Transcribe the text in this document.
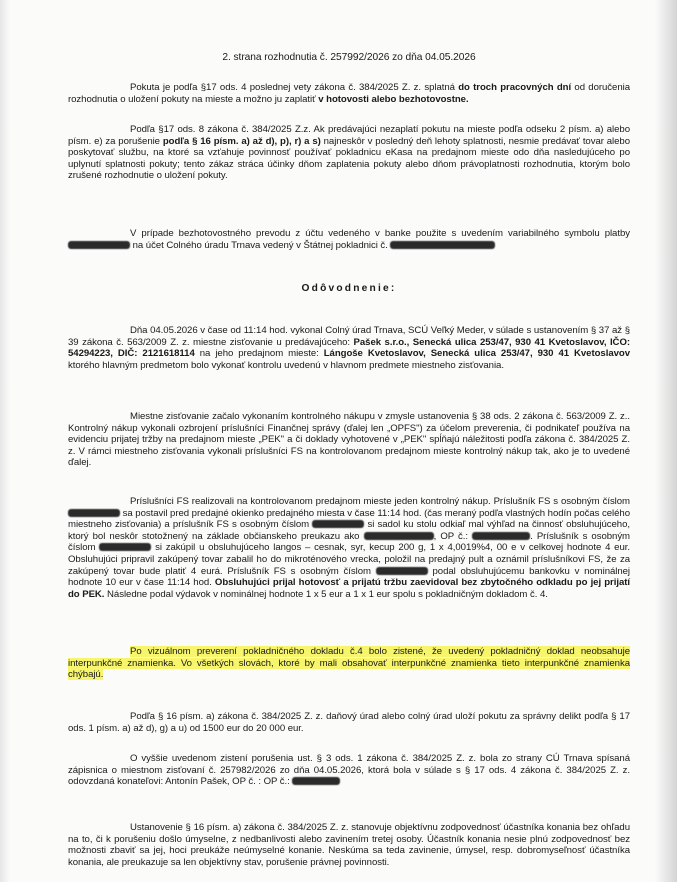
2. strana rozhodnutia č. 257992/2026 zo dňa 04.05.2026

Pokuta je podľa §17 ods. 4 poslednej vety zákona č. 384/2025 Z. z. splatná do troch pracovných dní od doručenia rozhodnutia o uložení pokuty na mieste a možno ju zaplatiť v hotovosti alebo bezhotovostne.

Podľa §17 ods. 8 zákona č. 384/2025 Z.z. Ak predávajúci nezaplatí pokutu na mieste podľa odseku 2 písm. a) alebo písm. e) za porušenie podľa § 16 písm. a) až d), p), r) a s) najneskôr v posledný deň lehoty splatnosti, nesmie predávať tovar alebo poskytovať službu, na ktoré sa vzťahuje povinnosť používať pokladnicu eKasa na predajnom mieste odo dňa nasledujúceho po uplynutí splatnosti pokuty; tento zákaz stráca účinky dňom zaplatenia pokuty alebo dňom právoplatnosti rozhodnutia, ktorým bolo zrušené rozhodnutie o uložení pokuty.

V prípade bezhotovostného prevodu z účtu vedeného v banke použite s uvedením variabilného symbolu platby  na účet Colného úradu Trnava vedený v Štátnej pokladnici č.

Odôvodnenie:

Dňa 04.05.2026 v čase od 11:14 hod. vykonal Colný úrad Trnava, SCÚ Veľký Meder, v súlade s ustanovením § 37 až § 39 zákona č. 563/2009 Z. z. miestne zisťovanie u predávajúceho: Pašek s.r.o., Senecká ulica 253/47, 930 41 Kvetoslavov, IČO: 54294223, DIČ: 2121618114 na jeho predajnom mieste: Lángoše Kvetoslavov, Senecká ulica 253/47, 930 41 Kvetoslavov ktorého hlavným predmetom bolo vykonať kontrolu uvedenú v hlavnom predmete miestneho zisťovania.

Miestne zisťovanie začalo vykonaním kontrolného nákupu v zmysle ustanovenia § 38 ods. 2 zákona č. 563/2009 Z. z.. Kontrolný nákup vykonali ozbrojení príslušníci Finančnej správy (ďalej len „OPFS") za účelom preverenia, či podnikateľ používa na evidenciu prijatej tržby na predajnom mieste „PEK" a či doklady vyhotovené v „PEK" spĺňajú náležitosti podľa zákona č. 384/2025 Z. z. V rámci miestneho zisťovania vykonali príslušníci FS na kontrolovanom predajnom mieste kontrolný nákup tak, ako je to uvedené ďalej.

Príslušníci FS realizovali na kontrolovanom predajnom mieste jeden kontrolný nákup. Príslušník FS s osobným číslom  sa postavil pred predajné okienko predajného miesta v čase 11:14 hod. (čas meraný podľa vlastných hodín počas celého miestneho zisťovania) a príslušník FS s osobným číslom	si sadol ku stolu odkiaľ mal výhľad na činnosť obsluhujúceho, ktorý bol neskôr stotožnený na základe občianskeho preukazu ako	, OP č.:	. Príslušník s osobným číslom	si zakúpil u obsluhujúceho langos – cesnak, syr, kecup 200 g, 1 x 4,0019%4, 00 e v celkovej hodnote 4 eur. Obsluhujúci pripravil zakúpený tovar zabalil ho do mikroténového vrecka, položil na predajný pult a oznámil príslušníkovi FS, že za zakúpený tovar bude platiť 4 eurá. Príslušník FS s osobným číslom	podal obsluhujúcemu bankovku v nominálnej hodnote 10 eur v čase 11:14 hod. Obsluhujúci prijal hotovosť a prijatú tržbu zaevidoval bez zbytočného odkladu po jej prijatí do PEK. Následne podal výdavok v nominálnej hodnote 1 x 5 eur a 1 x 1 eur spolu s pokladničným dokladom č. 4.

Po vizuálnom preverení pokladničného dokladu č.4 bolo zistené, že uvedený pokladničný doklad neobsahuje interpunkčné znamienka. Vo všetkých slovách, ktoré by mali obsahovať interpunkčné znamienka tieto interpunkčné znamienka chýbajú.

Podľa § 16 písm. a) zákona č. 384/2025 Z. z. daňový úrad alebo colný úrad uloží pokutu za správny delikt podľa § 17 ods. 1 písm. a) až d), g) a u) od 1500 eur do 20 000 eur.

O vyššie uvedenom zistení porušenia ust. § 3 ods. 1 zákona č. 384/2025 Z. z. bola zo strany CÚ Trnava spísaná zápisnica o miestnom zisťovaní č. 257982/2026 zo dňa 04.05.2026, ktorá bola v súlade s § 17 ods. 4 zákona č. 384/2025 Z. z. odovzdaná konateľovi: Antonín Pašek, OP č. : OP č.:

Ustanovenie § 16 písm. a) zákona č. 384/2025 Z. z. stanovuje objektívnu zodpovednosť účastníka konania bez ohľadu na to, či k porušeniu došlo úmyselne, z nedbanlivosti alebo zavinením tretej osoby. Účastník konania nesie plnú zodpovednosť bez možnosti zbaviť sa jej, hoci preukáže neúmyselné konanie. Neskúma sa teda zavinenie, úmysel, resp. dobromyseľnosť účastníka konania, ale preukazuje sa len objektívny stav, porušenie právnej povinnosti.
